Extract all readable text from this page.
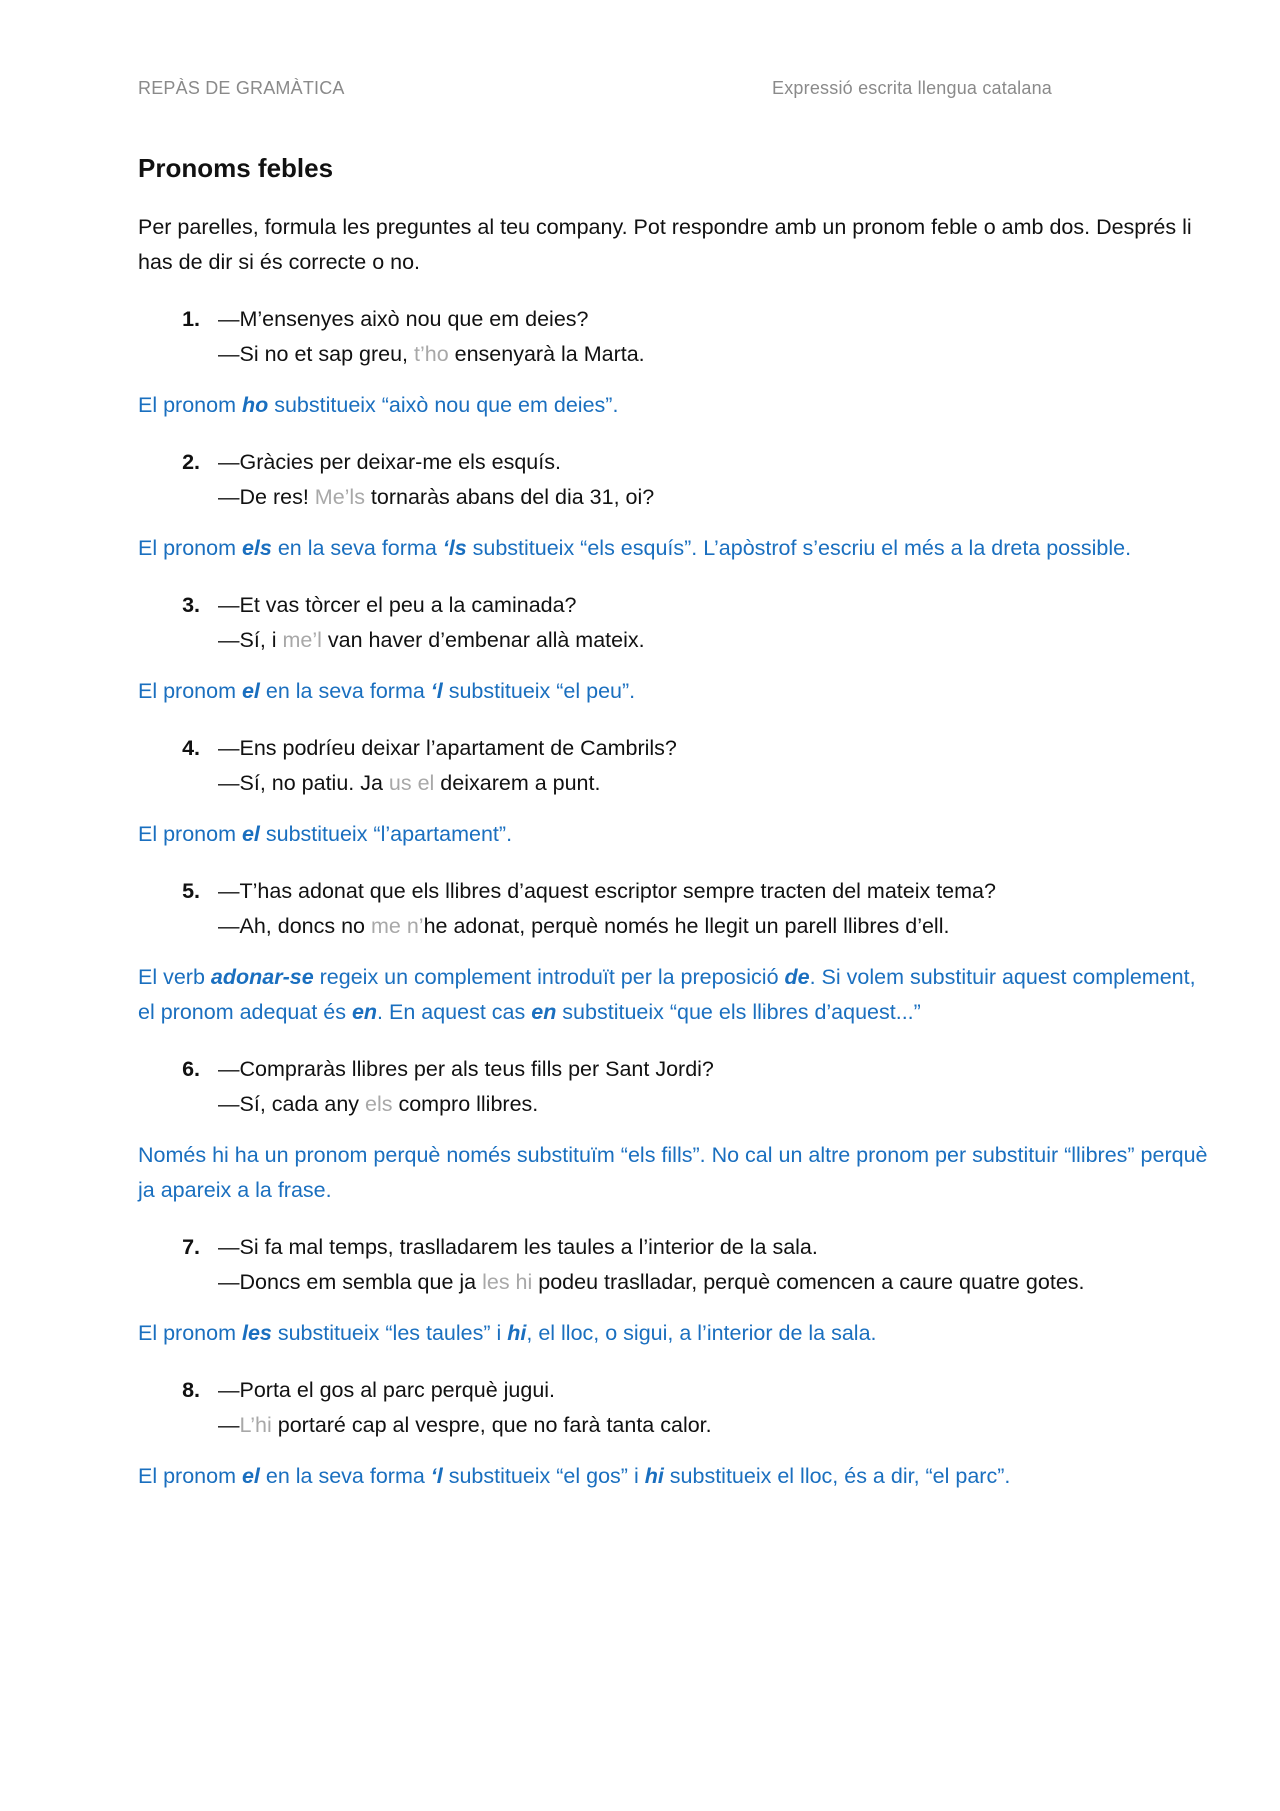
REPÀS DE GRAMÀTICA	Expressió escrita llengua catalana
Pronoms febles

Per parelles, formula les preguntes al teu company. Pot respondre amb un pronom feble o amb dos. Després li has de dir si és correcte o no.

1. —M’ensenyes això nou que em deies?
—Si no et sap greu, t’ho ensenyarà la Marta.

El pronom ho substitueix “això nou que em deies”.

2. —Gràcies per deixar-me els esquís.
—De res! Me’ls tornaràs abans del dia 31, oi?

El pronom els en la seva forma ‘ls substitueix “els esquís”. L’apòstrof s’escriu el més a la dreta possible.

3. —Et vas tòrcer el peu a la caminada?
—Sí, i me’l van haver d’embenar allà mateix.

El pronom el en la seva forma ‘l substitueix “el peu”.

4. —Ens podríeu deixar l’apartament de Cambrils?
—Sí, no patiu. Ja us el deixarem a punt.

El pronom el substitueix “l’apartament”.

5. —T’has adonat que els llibres d’aquest escriptor sempre tracten del mateix tema?
—Ah, doncs no me n’he adonat, perquè només he llegit un parell llibres d’ell.

El verb adonar-se regeix un complement introduït per la preposició de. Si volem substituir aquest complement, el pronom adequat és en. En aquest cas en substitueix “que els llibres d’aquest...”

6. —Compraràs llibres per als teus fills per Sant Jordi?
—Sí, cada any els compro llibres.

Només hi ha un pronom perquè només substituïm “els fills”. No cal un altre pronom per substituir “llibres” perquè ja apareix a la frase.

7. —Si fa mal temps, traslladarem les taules a l’interior de la sala.
—Doncs em sembla que ja les hi podeu traslladar, perquè comencen a caure quatre gotes.

El pronom les substitueix “les taules” i hi, el lloc, o sigui, a l’interior de la sala.

8. —Porta el gos al parc perquè jugui.
—L’hi portaré cap al vespre, que no farà tanta calor.

El pronom el en la seva forma ‘l substitueix “el gos” i hi substitueix el lloc, és a dir, “el parc”.
